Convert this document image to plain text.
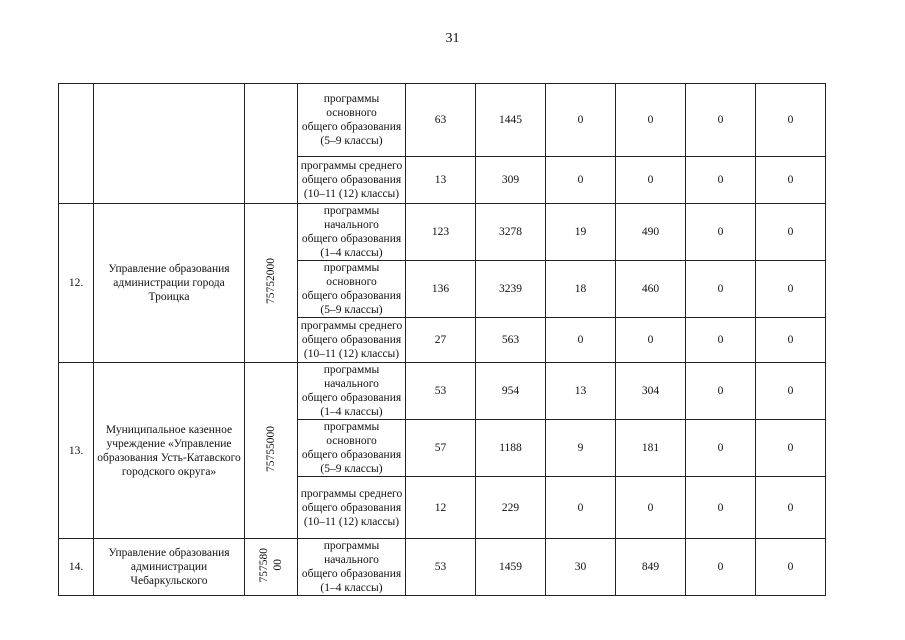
31
			программы основного
общего образования
(5–9 классы)	63	1445	0	0	0	0
			программы среднего
общего образования
(10–11 (12) классы)	13	309	0	0	0	0
12.	Управление образования администрации города Троицка	75752000	программы начального
общего образования
(1–4 классы)	123	3278	19	490	0	0
			программы основного
общего образования
(5–9 классы)	136	3239	18	460	0	0
			программы среднего
общего образования
(10–11 (12) классы)	27	563	0	0	0	0
13.	Муниципальное казенное учреждение «Управление образования Усть-Катавского городского округа»	75755000	программы начального
общего образования
(1–4 классы)	53	954	13	304	0	0
			программы основного
общего образования
(5–9 классы)	57	1188	9	181	0	0
			программы среднего
общего образования
(10–11 (12) классы)	12	229	0	0	0	0
14.	Управление образования администрации Чебаркульского	757580
00	программы начального
общего образования
(1–4 классы)	53	1459	30	849	0	0
